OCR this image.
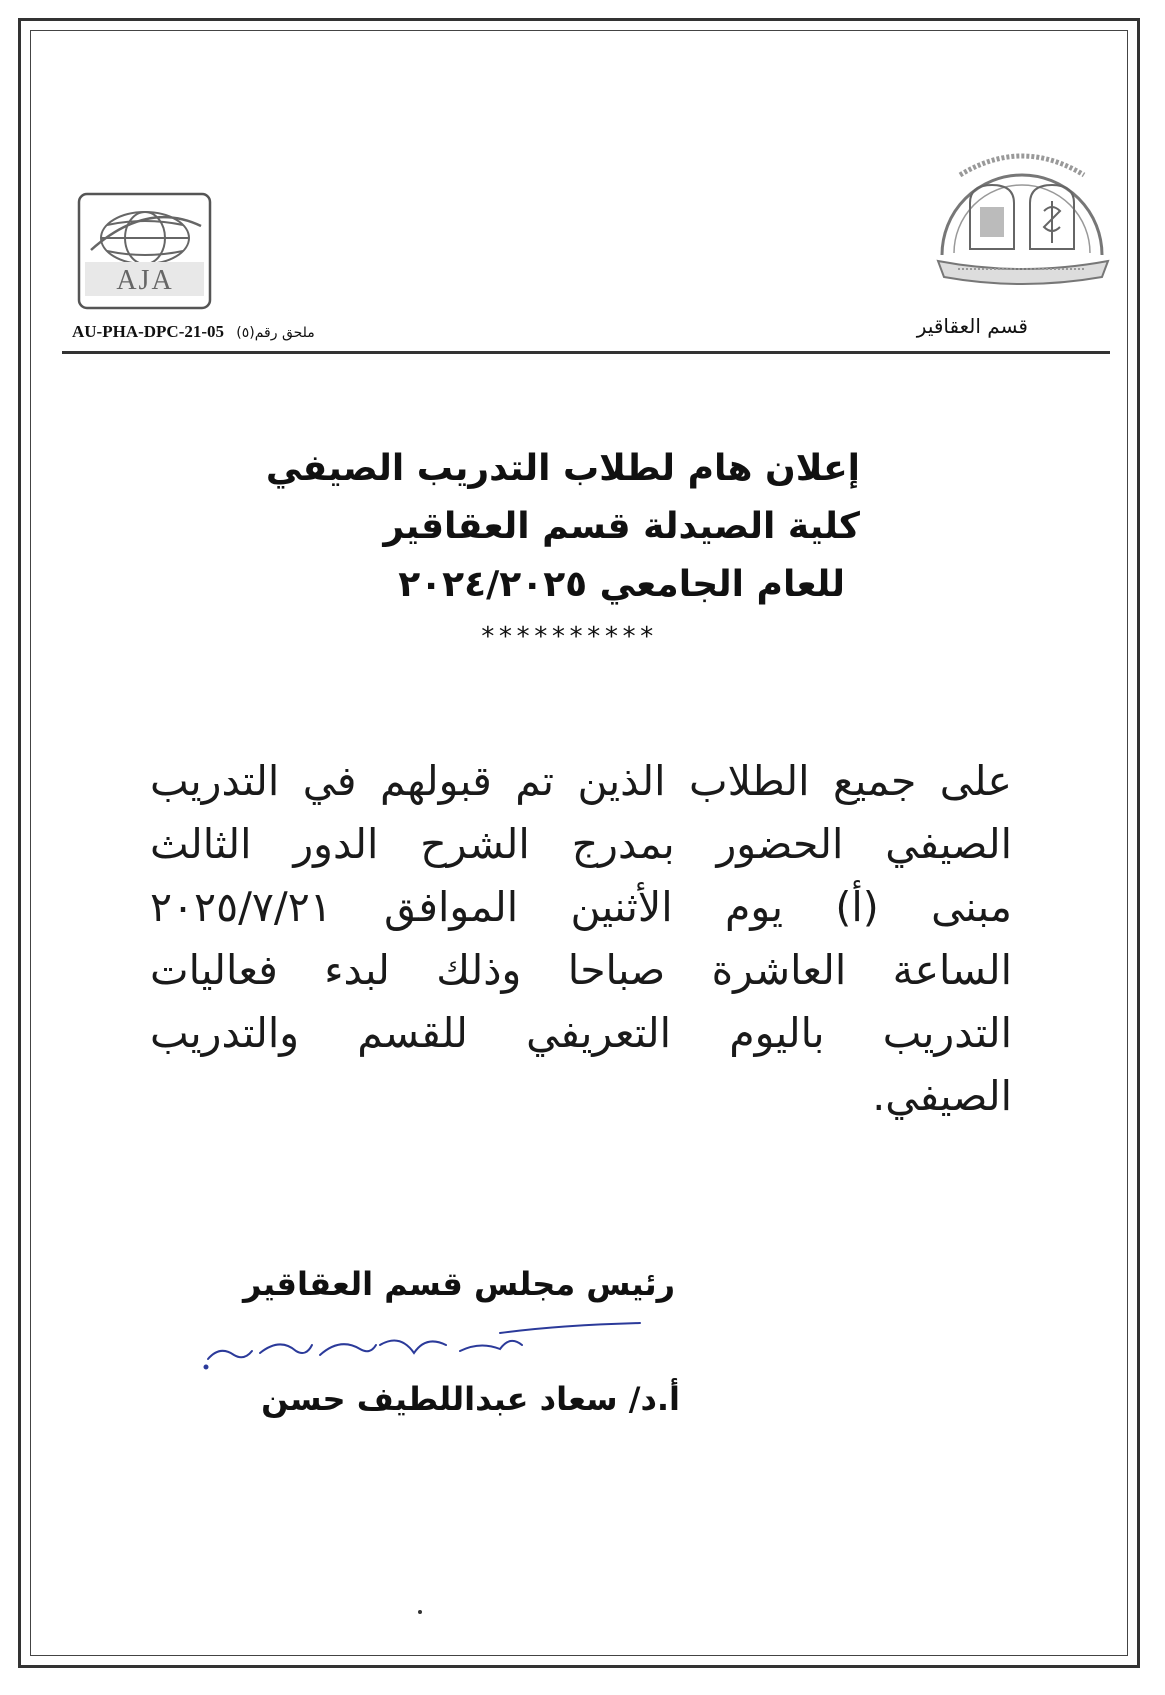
AJA
AU-PHA-DPC-21-05 ملحق رقم(٥)	قسم العقاقير
إعلان هام لطلاب التدريب الصيفي
كلية الصيدلة قسم العقاقير
للعام الجامعي ٢٠٢٤/٢٠٢٥
**********
على جميع الطلاب الذين تم قبولهم في التدريب
الصيفي الحضور بمدرج الشرح الدور الثالث
مبنى (أ) يوم الأثنين الموافق ٢٠٢٥/٧/٢١
الساعة العاشرة صباحا وذلك لبدء فعاليات
التدريب باليوم التعريفي للقسم والتدريب
الصيفي.
رئيس مجلس قسم العقاقير
أ.د/ سعاد عبداللطيف حسن
